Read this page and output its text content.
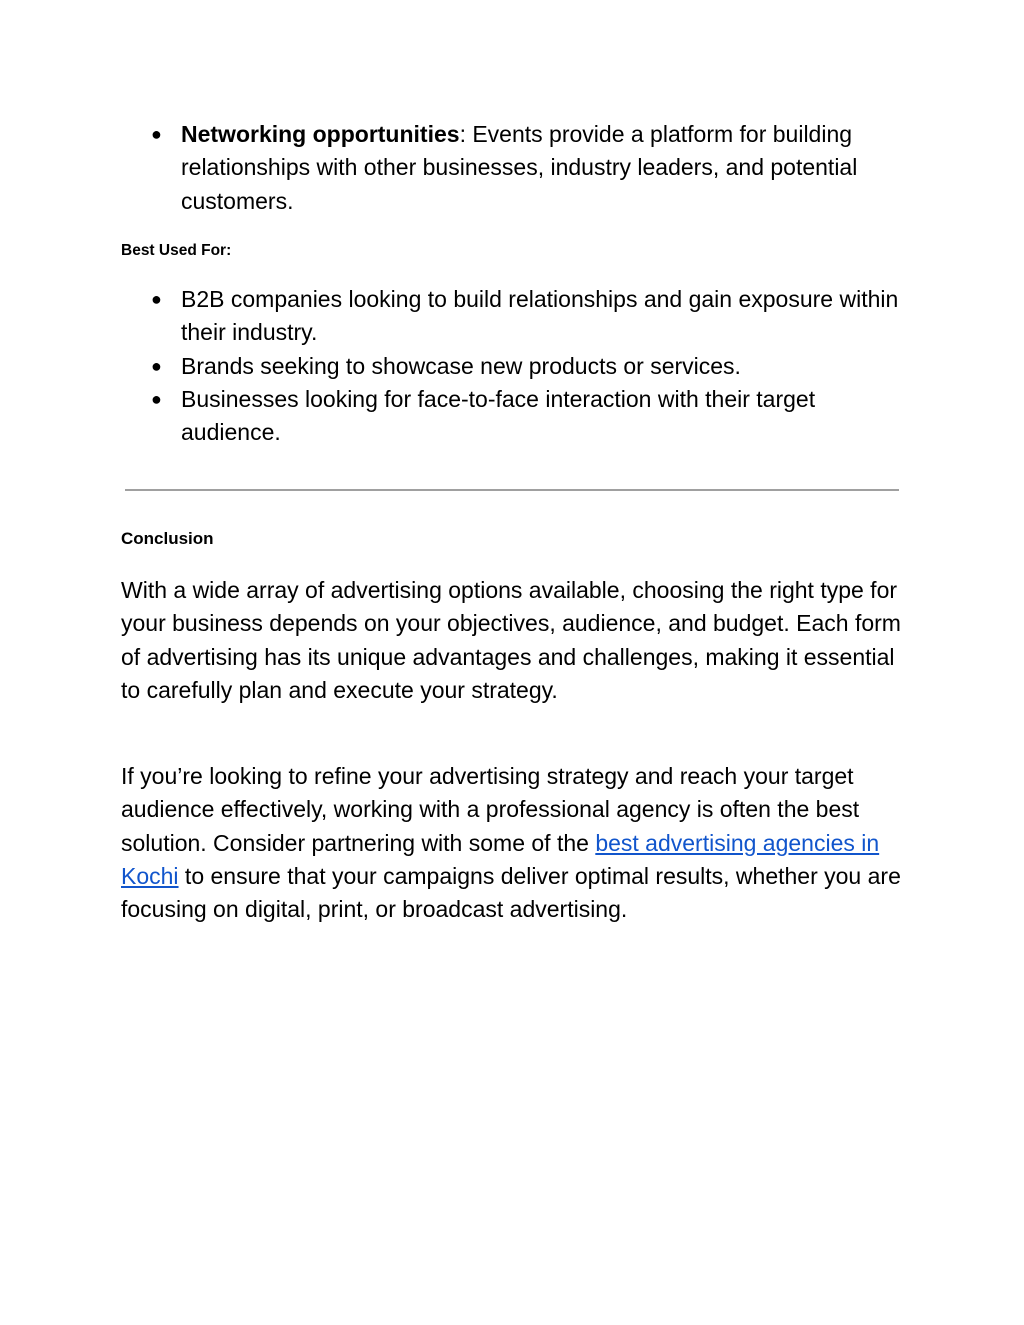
● Networking opportunities: Events provide a platform for building relationships with other businesses, industry leaders, and potential customers.
Best Used For:
● B2B companies looking to build relationships and gain exposure within their industry.
● Brands seeking to showcase new products or services.
● Businesses looking for face-to-face interaction with their target audience.
Conclusion

With a wide array of advertising options available, choosing the right type for your business depends on your objectives, audience, and budget. Each form of advertising has its unique advantages and challenges, making it essential to carefully plan and execute your strategy.

If you’re looking to refine your advertising strategy and reach your target audience effectively, working with a professional agency is often the best solution. Consider partnering with some of the best advertising agencies in Kochi to ensure that your campaigns deliver optimal results, whether you are focusing on digital, print, or broadcast advertising.
